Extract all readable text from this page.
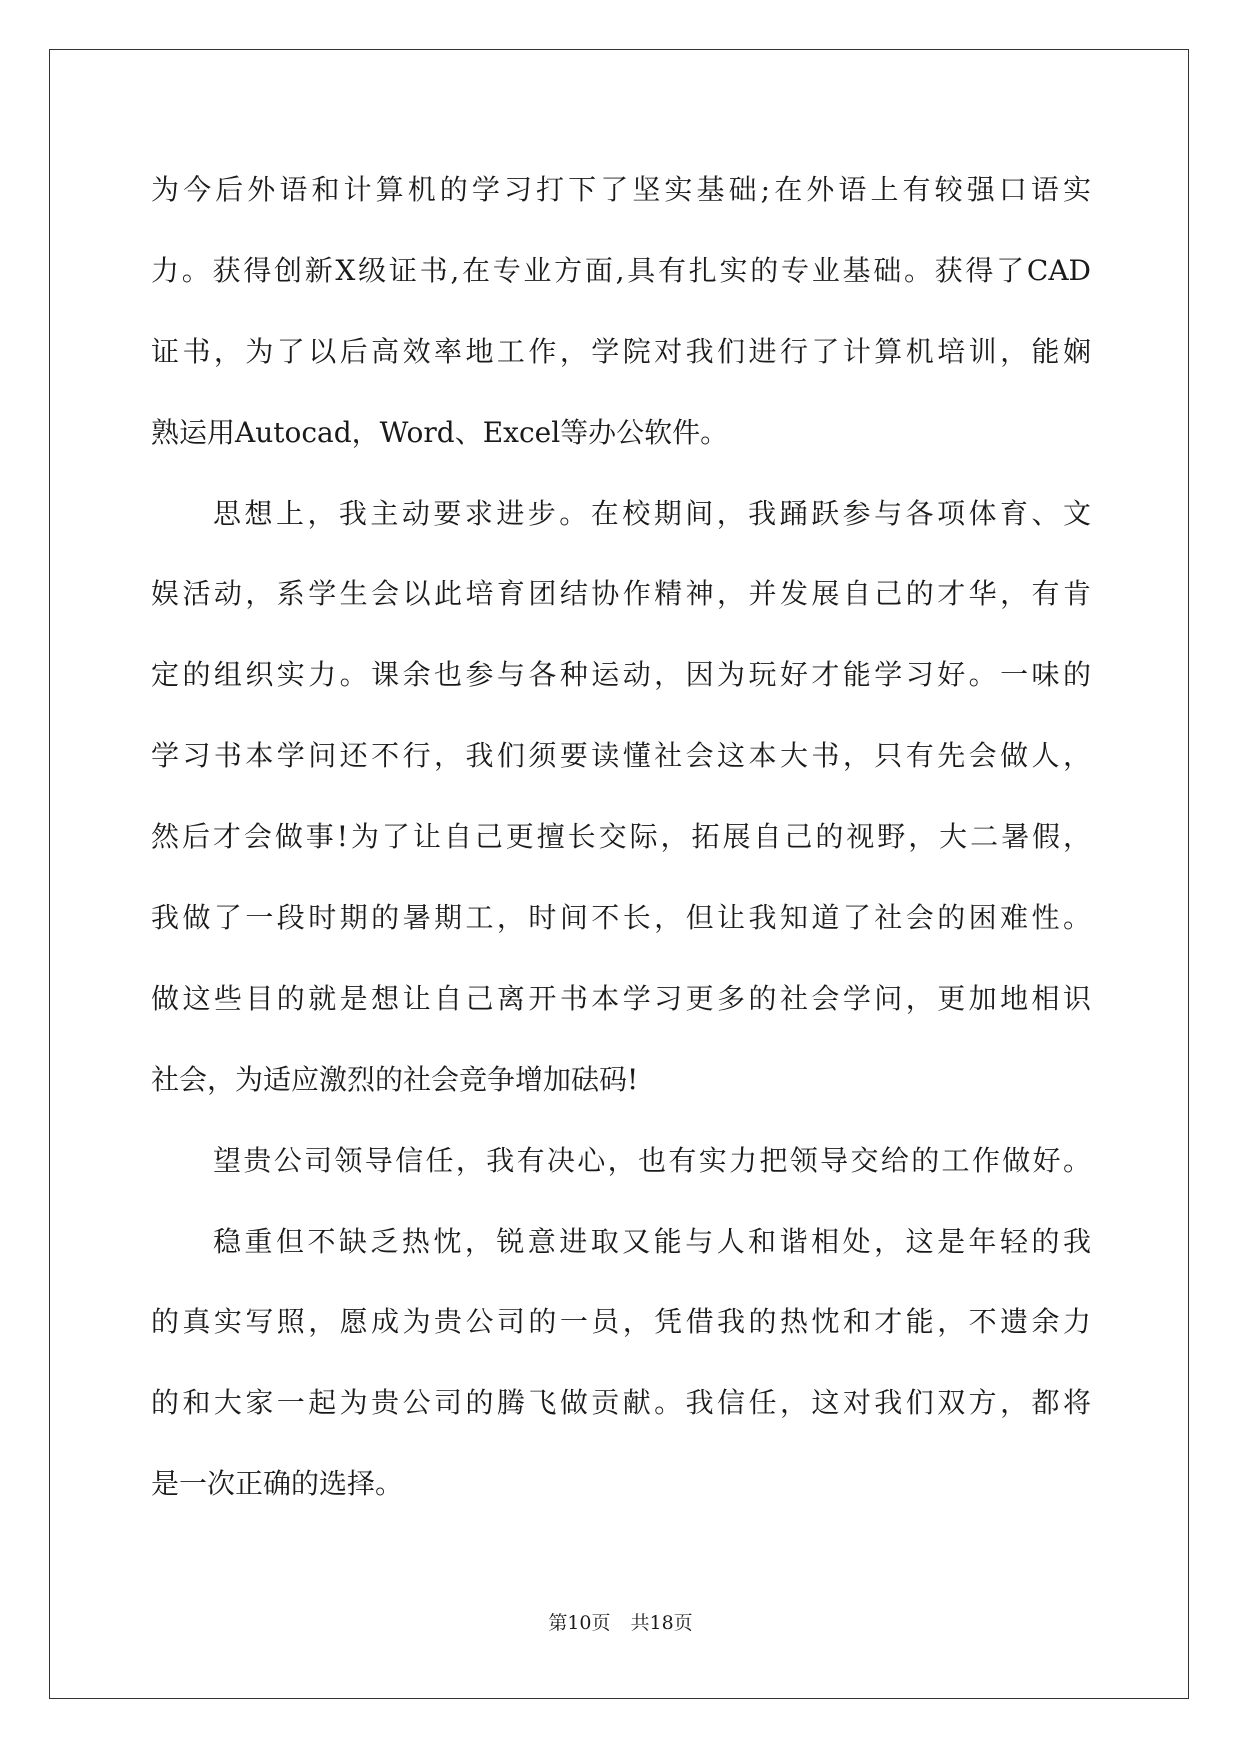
为今后外语和计算机的学习打下了坚实基础;在外语上有较强口语实
力。获得创新X级证书,在专业方面,具有扎实的专业基础。获得了CAD
证书，为了以后高效率地工作，学院对我们进行了计算机培训，能娴
熟运用Autocad，Word、Excel等办公软件。
思想上，我主动要求进步。在校期间，我踊跃参与各项体育、文
娱活动，系学生会以此培育团结协作精神，并发展自己的才华，有肯
定的组织实力。课余也参与各种运动，因为玩好才能学习好。一味的
学习书本学问还不行，我们须要读懂社会这本大书，只有先会做人，
然后才会做事!为了让自己更擅长交际，拓展自己的视野，大二暑假，
我做了一段时期的暑期工，时间不长，但让我知道了社会的困难性。
做这些目的就是想让自己离开书本学习更多的社会学问，更加地相识
社会，为适应激烈的社会竞争增加砝码!
望贵公司领导信任，我有决心，也有实力把领导交给的工作做好。
稳重但不缺乏热忱，锐意进取又能与人和谐相处，这是年轻的我
的真实写照，愿成为贵公司的一员，凭借我的热忱和才能，不遗余力
的和大家一起为贵公司的腾飞做贡献。我信任，这对我们双方，都将
是一次正确的选择。
第10页 共18页
